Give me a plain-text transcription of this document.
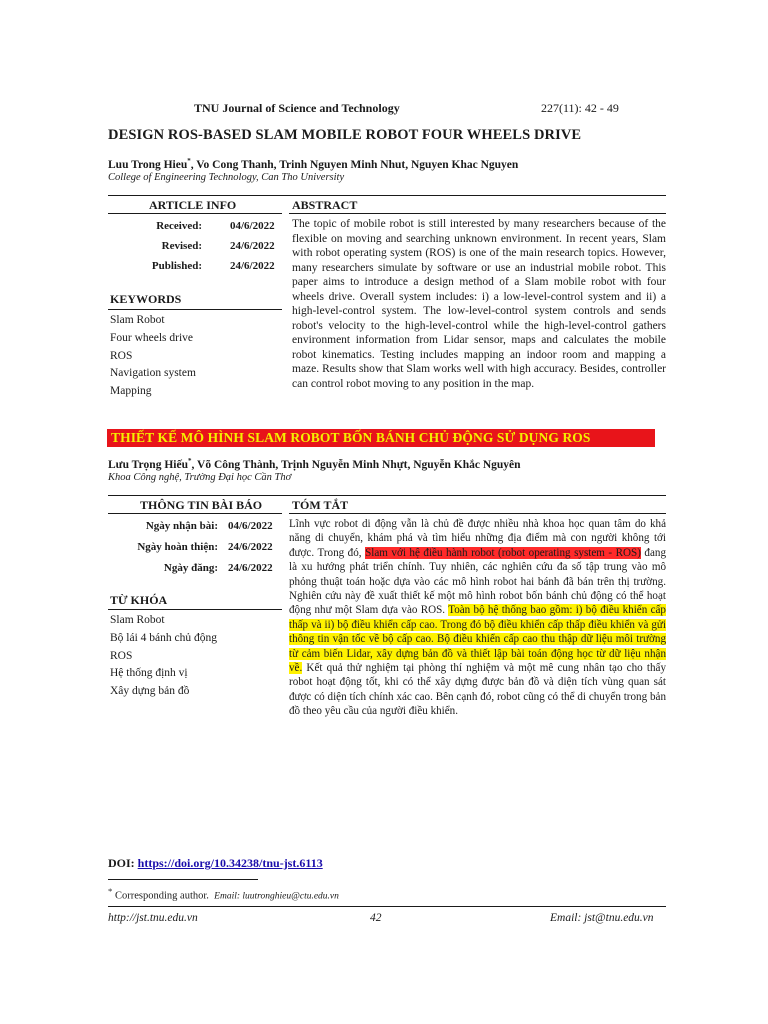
TNU Journal of Science and Technology	227(11): 42 - 49
DESIGN ROS-BASED SLAM MOBILE ROBOT FOUR WHEELS DRIVE
Luu Trong Hieu*, Vo Cong Thanh, Trinh Nguyen Minh Nhut, Nguyen Khac Nguyen
College of Engineering Technology, Can Tho University
ARTICLE INFO	ABSTRACT
Received:	04/6/2022
Revised:	24/6/2022
Published:	24/6/2022
KEYWORDS
Slam Robot
Four wheels drive
ROS
Navigation system
Mapping
The topic of mobile robot is still interested by many researchers because of the flexible on moving and searching unknown environment. In recent years, Slam with robot operating system (ROS) is one of the main research topics. However, many researchers simulate by software or use an industrial mobile robot. This paper aims to introduce a design method of a Slam mobile robot with four wheels drive. Overall system includes: i) a low-level-control system and ii) a high-level-control system. The low-level-control system controls and sends robot's velocity to the high-level-control while the high-level-control gathers environment information from Lidar sensor, maps and calculates the mobile robot kinematics. Testing includes mapping an indoor room and mapping a maze. Results show that Slam works well with high accuracy. Besides, controller can control robot moving to any position in the map.
THIẾT KẾ MÔ HÌNH SLAM ROBOT BỐN BÁNH CHỦ ĐỘNG SỬ DỤNG ROS
Lưu Trọng Hiếu*, Võ Công Thành, Trịnh Nguyễn Minh Nhựt, Nguyễn Khắc Nguyên
Khoa Công nghệ, Trường Đại học Cần Thơ
THÔNG TIN BÀI BÁO TÓM TẮT
Ngày nhận bài: 04/6/2022
Ngày hoàn thiện: 24/6/2022
Ngày đăng: 24/6/2022
TỪ KHÓA
Slam Robot
Bộ lái 4 bánh chủ động
ROS
Hệ thống định vị
Xây dựng bản đồ
Lĩnh vực robot di động vẫn là chủ đề được nhiều nhà khoa học quan tâm do khả năng di chuyển, khám phá và tìm hiểu những địa điểm mà con người không tới được. Trong đó, Slam với hệ điều hành robot (robot operating system - ROS) đang là xu hướng phát triển chính. Tuy nhiên, các nghiên cứu đa số tập trung vào mô phỏng thuật toán hoặc dựa vào các mô hình robot hai bánh đã bán trên thị trường. Nghiên cứu này đề xuất thiết kế một mô hình robot bốn bánh chủ động có thể hoạt động như một Slam dựa vào ROS. Toàn bộ hệ thống bao gồm: i) bộ điều khiển cấp thấp và ii) bộ điều khiển cấp cao. Trong đó bộ điều khiển cấp thấp điều khiển và gửi thông tin vận tốc về bộ cấp cao. Bộ điều khiển cấp cao thu thập dữ liệu môi trường từ cảm biến Lidar, xây dựng bản đồ và thiết lập bài toán động học từ dữ liệu nhận về. Kết quả thử nghiệm tại phòng thí nghiệm và một mê cung nhân tạo cho thấy robot hoạt động tốt, khi có thể xây dựng được bản đồ và diện tích vùng quan sát được có diện tích chính xác cao. Bên cạnh đó, robot cũng có thể di chuyển trong bản đồ theo yêu cầu của người điều khiển.
DOI: https://doi.org/10.34238/tnu-jst.6113
* Corresponding author. Email: luutronghieu@ctu.edu.vn
http://jst.tnu.edu.vn	42	Email: jst@tnu.edu.vn
